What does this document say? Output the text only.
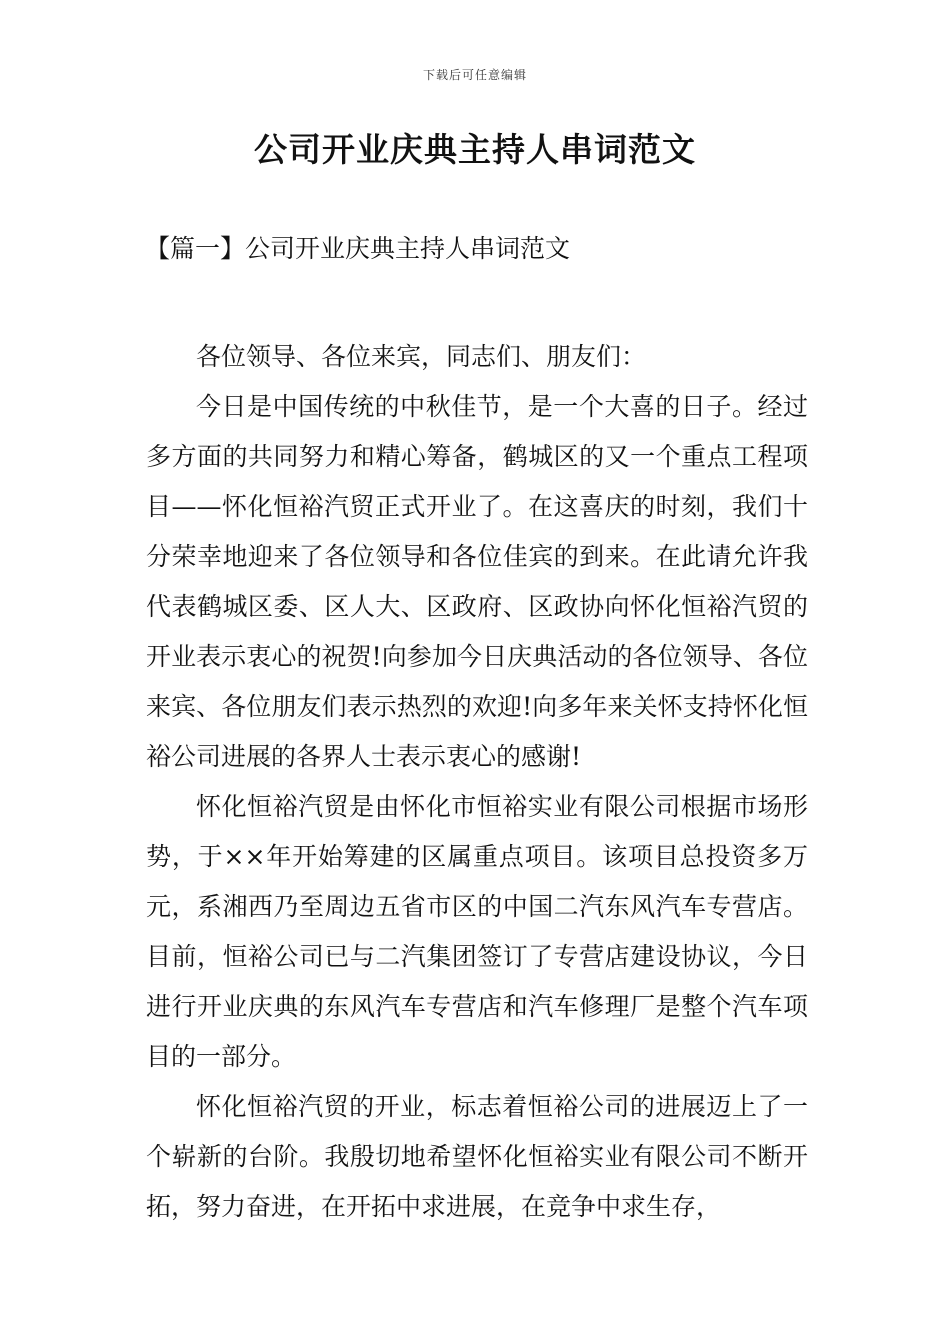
下载后可任意编辑
公司开业庆典主持人串词范文
【篇一】公司开业庆典主持人串词范文

各位领导、各位来宾，同志们、朋友们：

今日是中国传统的中秋佳节，是一个大喜的日子。经过多方面的共同努力和精心筹备，鹤城区的又一个重点工程项目——怀化恒裕汽贸正式开业了。在这喜庆的时刻，我们十分荣幸地迎来了各位领导和各位佳宾的到来。在此请允许我代表鹤城区委、区人大、区政府、区政协向怀化恒裕汽贸的开业表示衷心的祝贺!向参加今日庆典活动的各位领导、各位来宾、各位朋友们表示热烈的欢迎!向多年来关怀支持怀化恒裕公司进展的各界人士表示衷心的感谢!

怀化恒裕汽贸是由怀化市恒裕实业有限公司根据市场形势，于××年开始筹建的区属重点项目。该项目总投资多万元，系湘西乃至周边五省市区的中国二汽东风汽车专营店。目前，恒裕公司已与二汽集团签订了专营店建设协议，今日进行开业庆典的东风汽车专营店和汽车修理厂是整个汽车项目的一部分。

怀化恒裕汽贸的开业，标志着恒裕公司的进展迈上了一个崭新的台阶。我殷切地希望怀化恒裕实业有限公司不断开拓，努力奋进，在开拓中求进展，在竞争中求生存，
